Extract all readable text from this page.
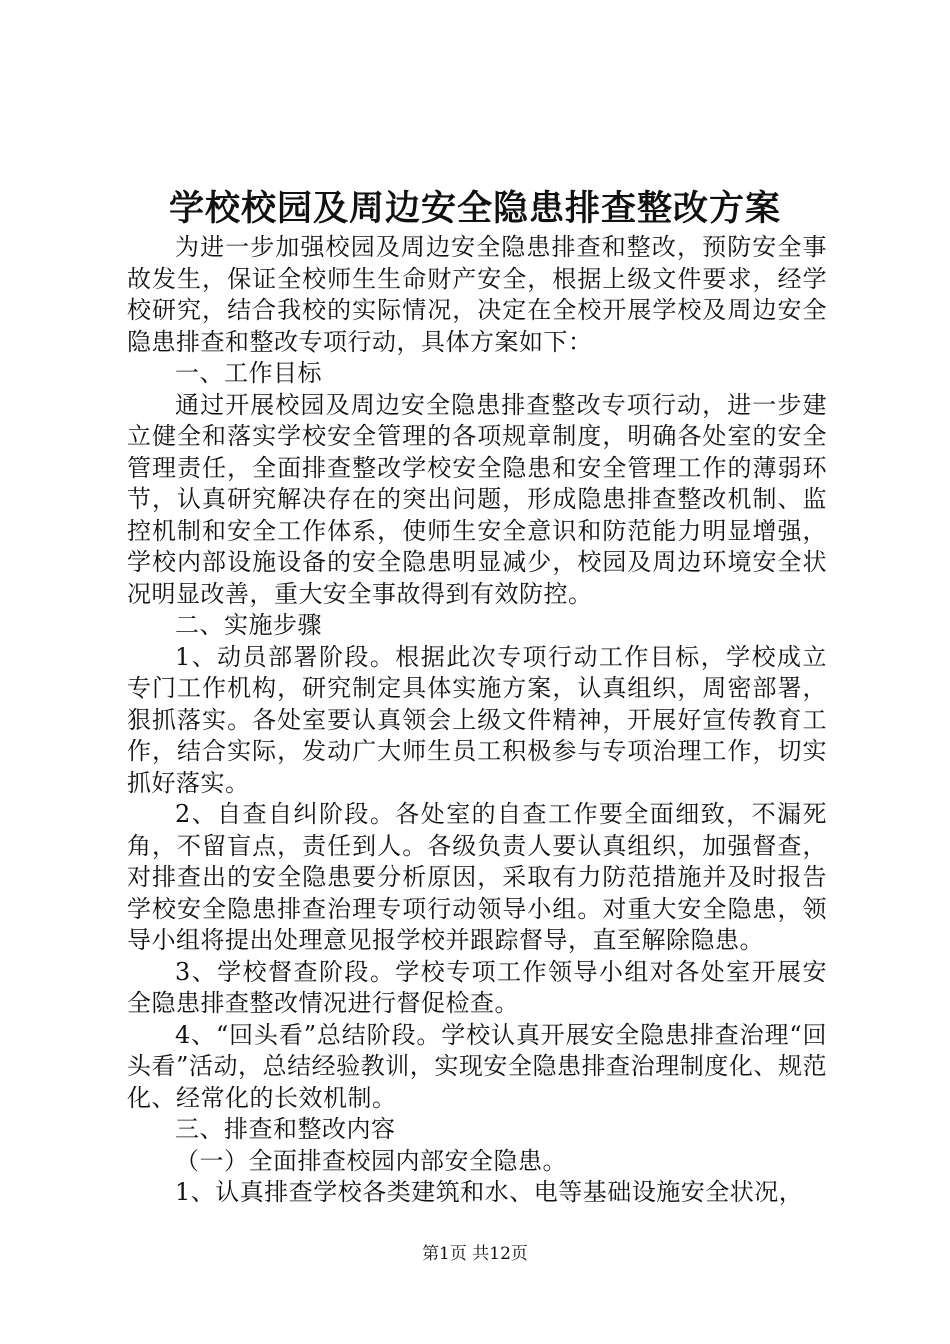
学校校园及周边安全隐患排查整改方案

为进一步加强校园及周边安全隐患排查和整改，预防安全事故发生，保证全校师生生命财产安全，根据上级文件要求，经学校研究，结合我校的实际情况，决定在全校开展学校及周边安全隐患排查和整改专项行动，具体方案如下：

一、工作目标

通过开展校园及周边安全隐患排查整改专项行动，进一步建立健全和落实学校安全管理的各项规章制度，明确各处室的安全管理责任，全面排查整改学校安全隐患和安全管理工作的薄弱环节，认真研究解决存在的突出问题，形成隐患排查整改机制、监控机制和安全工作体系，使师生安全意识和防范能力明显增强，学校内部设施设备的安全隐患明显减少，校园及周边环境安全状况明显改善，重大安全事故得到有效防控。

二、实施步骤

1、动员部署阶段。根据此次专项行动工作目标，学校成立专门工作机构，研究制定具体实施方案，认真组织，周密部署，狠抓落实。各处室要认真领会上级文件精神，开展好宣传教育工作，结合实际，发动广大师生员工积极参与专项治理工作，切实抓好落实。

2、自查自纠阶段。各处室的自查工作要全面细致，不漏死角，不留盲点，责任到人。各级负责人要认真组织，加强督查，对排查出的安全隐患要分析原因，采取有力防范措施并及时报告学校安全隐患排查治理专项行动领导小组。对重大安全隐患，领导小组将提出处理意见报学校并跟踪督导，直至解除隐患。

3、学校督查阶段。学校专项工作领导小组对各处室开展安全隐患排查整改情况进行督促检查。

4、“回头看”总结阶段。学校认真开展安全隐患排查治理“回头看”活动，总结经验教训，实现安全隐患排查治理制度化、规范化、经常化的长效机制。

三、排查和整改内容

（一）全面排查校园内部安全隐患。

1、认真排查学校各类建筑和水、电等基础设施安全状况，

第1页 共12页
